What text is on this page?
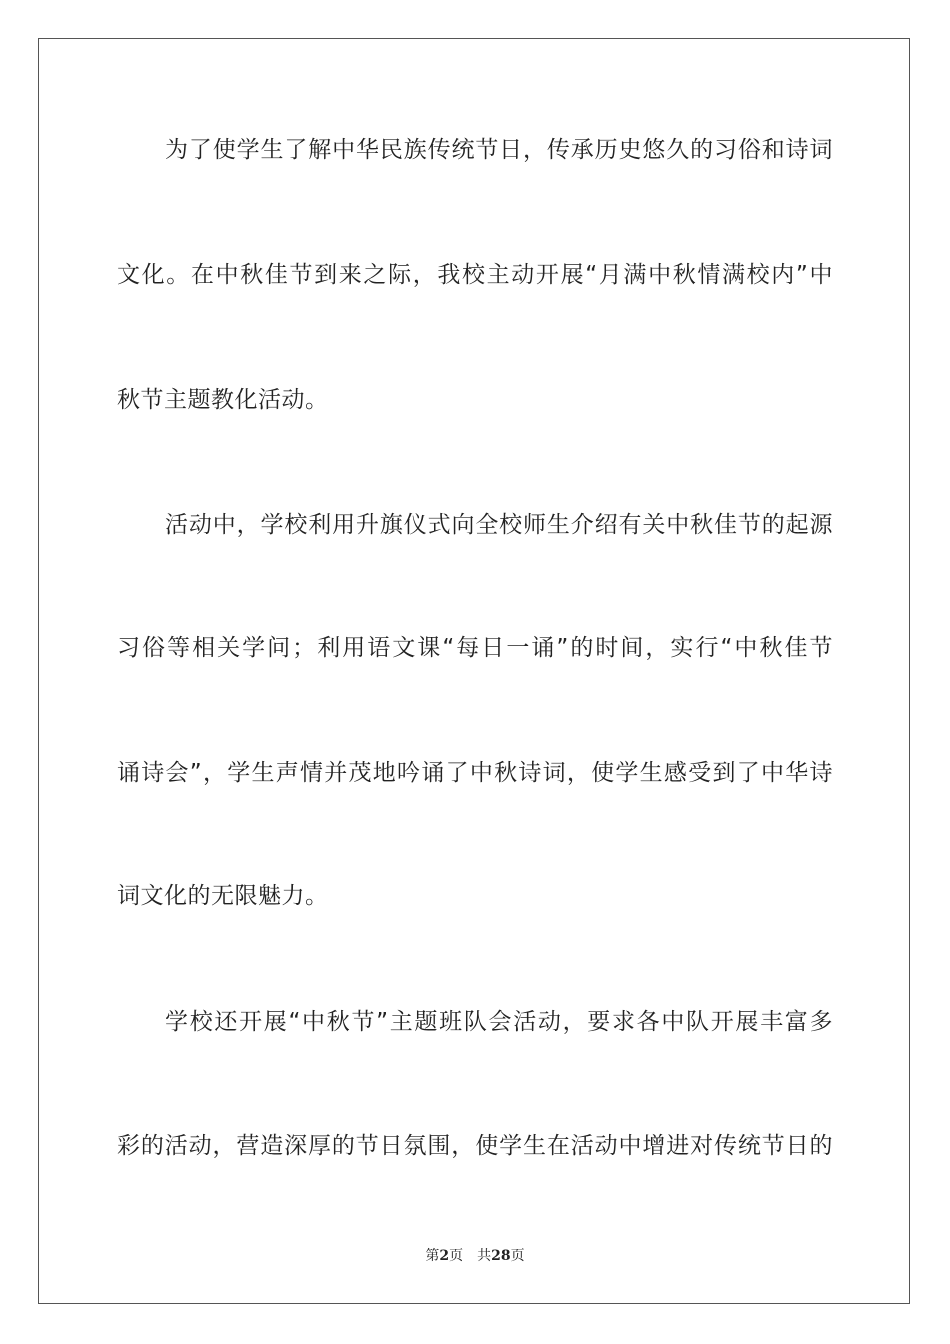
为了使学生了解中华民族传统节日，传承历史悠久的习俗和诗词
文化。在中秋佳节到来之际，我校主动开展“月满中秋情满校内”中
秋节主题教化活动。
活动中，学校利用升旗仪式向全校师生介绍有关中秋佳节的起源
习俗等相关学问；利用语文课“每日一诵”的时间，实行“中秋佳节
诵诗会”，学生声情并茂地吟诵了中秋诗词，使学生感受到了中华诗
词文化的无限魅力。
学校还开展“中秋节”主题班队会活动，要求各中队开展丰富多
彩的活动，营造深厚的节日氛围，使学生在活动中增进对传统节日的
第2页 共28页
